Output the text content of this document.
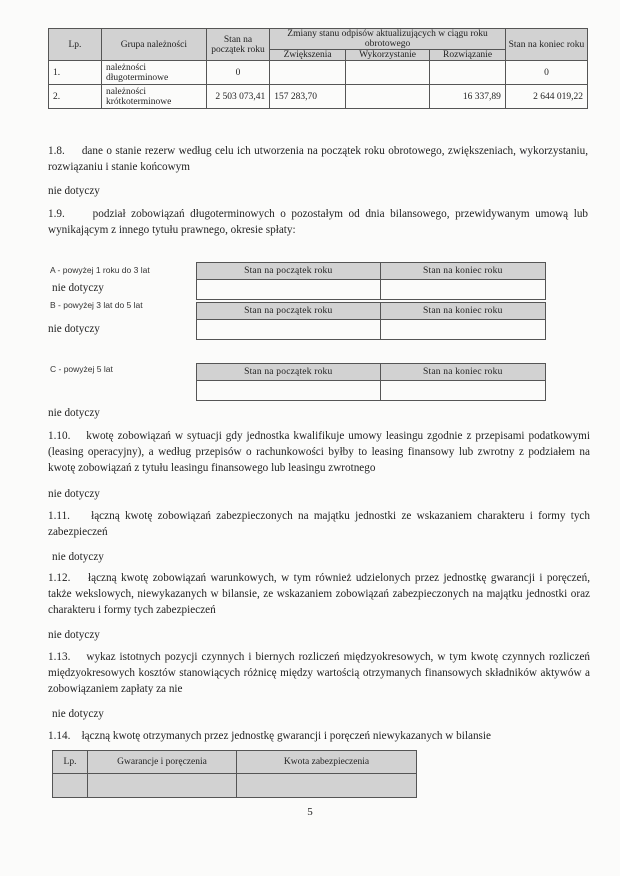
Lp.	Grupa należności	Stan na początek roku	Zmiany stanu odpisów aktualizujących w ciągu roku obrotowego			Stan na koniec roku
			Zwiększenia	Wykorzystanie	Rozwiązanie	
1.	należności długoterminowe	0				0
2.	należności krótkoterminowe	2 503 073,41	157 283,70		16 337,89	2 644 019,22
1.8. dane o stanie rezerw według celu ich utworzenia na początek roku obrotowego, zwiększeniach, wykorzystaniu, rozwiązaniu i stanie końcowym
nie dotyczy
1.9. podział zobowiązań długoterminowych o pozostałym od dnia bilansowego, przewidywanym umową lub wynikającym z innego tytułu prawnego, okresie spłaty:
A - powyżej 1 roku do 3 lat
nie dotyczy
Stan na początek roku	Stan na koniec roku

B - powyżej 3 lat do 5 lat
nie dotyczy
Stan na początek roku	Stan na koniec roku

C - powyżej 5 lat	Stan na początek roku	Stan na koniec roku

nie dotyczy
1.10. kwotę zobowiązań w sytuacji gdy jednostka kwalifikuje umowy leasingu zgodnie z przepisami podatkowymi (leasing operacyjny), a według przepisów o rachunkowości byłby to leasing finansowy lub zwrotny z podziałem na kwotę zobowiązań z tytułu leasingu finansowego lub leasingu zwrotnego
nie dotyczy
1.11. łączną kwotę zobowiązań zabezpieczonych na majątku jednostki ze wskazaniem charakteru i formy tych zabezpieczeń
nie dotyczy
1.12. łączną kwotę zobowiązań warunkowych, w tym również udzielonych przez jednostkę gwarancji i poręczeń, także wekslowych, niewykazanych w bilansie, ze wskazaniem zobowiązań zabezpieczonych na majątku jednostki oraz charakteru i formy tych zabezpieczeń
nie dotyczy
1.13. wykaz istotnych pozycji czynnych i biernych rozliczeń międzyokresowych, w tym kwotę czynnych rozliczeń międzyokresowych kosztów stanowiących różnicę między wartością otrzymanych finansowych składników aktywów a zobowiązaniem zapłaty za nie
nie dotyczy
1.14. łączną kwotę otrzymanych przez jednostkę gwarancji i poręczeń niewykazanych w bilansie
Lp.	Gwarancje i poręczenia	Kwota zabezpieczenia

5
